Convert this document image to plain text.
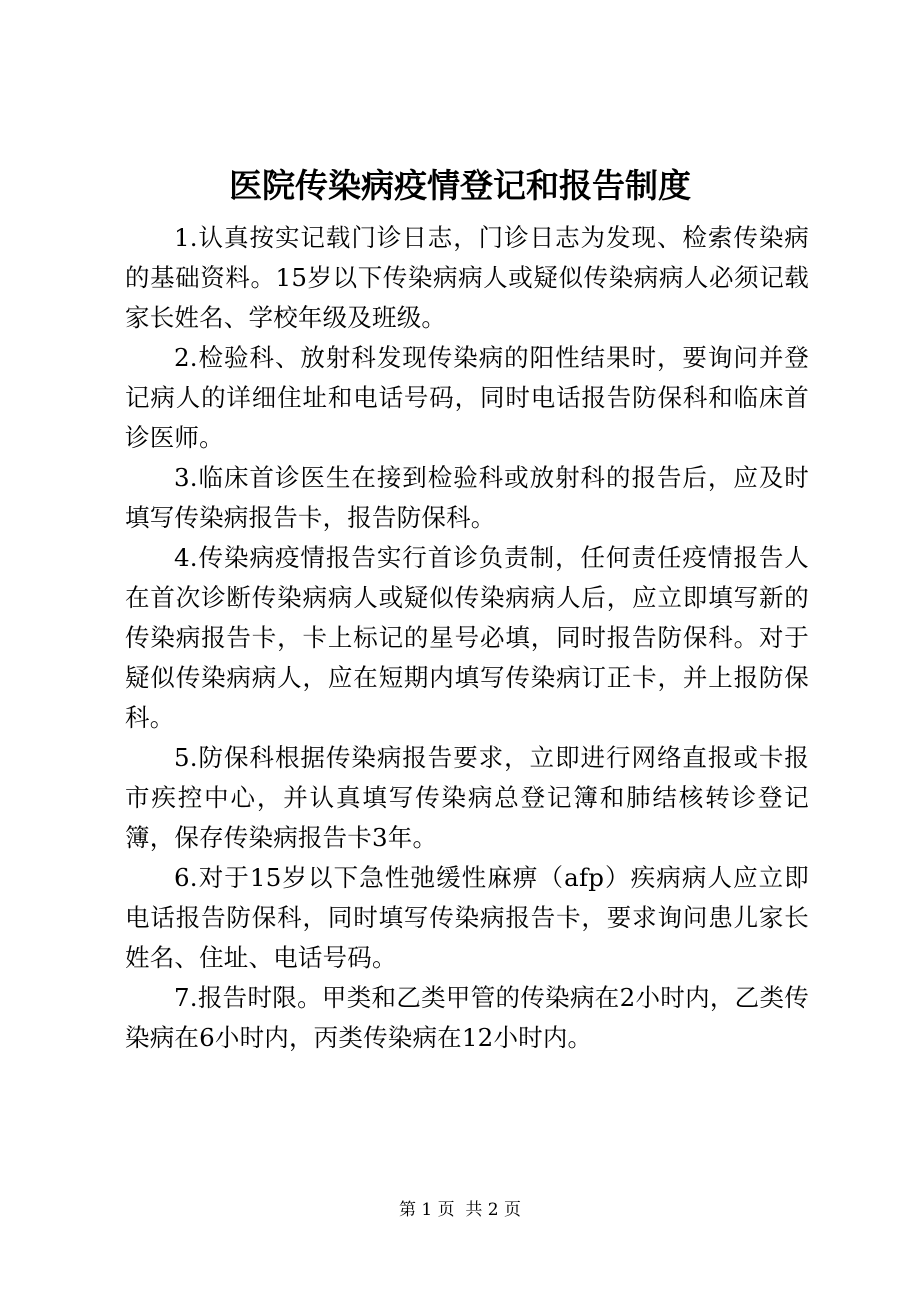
医院传染病疫情登记和报告制度

1.认真按实记载门诊日志，门诊日志为发现、检索传染病的基础资料。15岁以下传染病病人或疑似传染病病人必须记载家长姓名、学校年级及班级。

2.检验科、放射科发现传染病的阳性结果时，要询问并登记病人的详细住址和电话号码，同时电话报告防保科和临床首诊医师。

3.临床首诊医生在接到检验科或放射科的报告后，应及时填写传染病报告卡，报告防保科。

4.传染病疫情报告实行首诊负责制，任何责任疫情报告人在首次诊断传染病病人或疑似传染病病人后，应立即填写新的传染病报告卡，卡上标记的星号必填，同时报告防保科。对于疑似传染病病人，应在短期内填写传染病订正卡，并上报防保科。

5.防保科根据传染病报告要求，立即进行网络直报或卡报市疾控中心，并认真填写传染病总登记簿和肺结核转诊登记簿，保存传染病报告卡3年。

6.对于15岁以下急性弛缓性麻痹（afp）疾病病人应立即电话报告防保科，同时填写传染病报告卡，要求询问患儿家长姓名、住址、电话号码。

7.报告时限。甲类和乙类甲管的传染病在2小时内，乙类传染病在6小时内，丙类传染病在12小时内。

第 1 页  共 2 页
